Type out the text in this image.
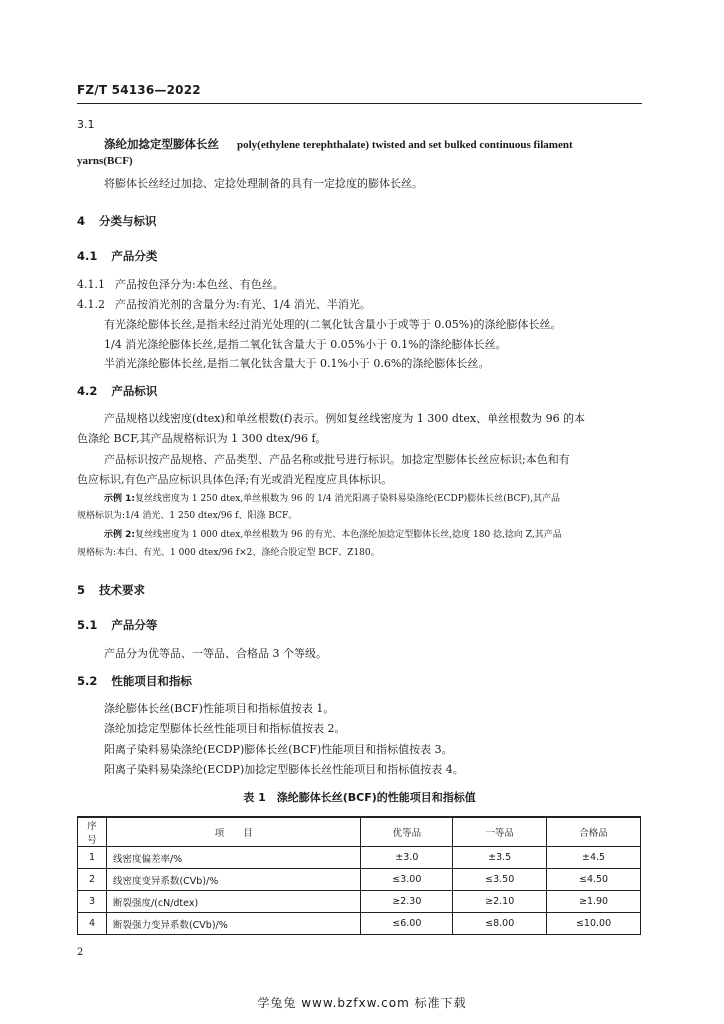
FZ/T 54136—2022
3.1
涤纶加捻定型膨体长丝 poly(ethylene terephthalate) twisted and set bulked continuous filament
yarns(BCF)
将膨体长丝经过加捻、定捻处理制备的具有一定捻度的膨体长丝。
4 分类与标识
4.1 产品分类
4.1.1 产品按色泽分为:本色丝、有色丝。
4.1.2 产品按消光剂的含量分为:有光、1/4 消光、半消光。
有光涤纶膨体长丝,是指未经过消光处理的(二氧化钛含量小于或等于 0.05%)的涤纶膨体长丝。
1/4 消光涤纶膨体长丝,是指二氧化钛含量大于 0.05%小于 0.1%的涤纶膨体长丝。
半消光涤纶膨体长丝,是指二氧化钛含量大于 0.1%小于 0.6%的涤纶膨体长丝。
4.2 产品标识
产品规格以线密度(dtex)和单丝根数(f)表示。例如复丝线密度为 1 300 dtex、单丝根数为 96 的本
色涤纶 BCF,其产品规格标识为 1 300 dtex/96 f。
产品标识按产品规格、产品类型、产品名称或批号进行标识。加捻定型膨体长丝应标识;本色和有
色应标识,有色产品应标识具体色泽;有光或消光程度应具体标识。
示例 1:复丝线密度为 1 250 dtex,单丝根数为 96 的 1/4 消光阳离子染料易染涤纶(ECDP)膨体长丝(BCF),其产品
规格标识为:1/4 消光、1 250 dtex/96 f、阳涤 BCF。
示例 2:复丝线密度为 1 000 dtex,单丝根数为 96 的有光、本色涤纶加捻定型膨体长丝,捻度 180 捻,捻向 Z,其产品
规格标为:本白、有光、1 000 dtex/96 f×2、涤纶合股定型 BCF、Z180。
5 技术要求
5.1 产品分等
产品分为优等品、一等品、合格品 3 个等级。
5.2 性能项目和指标
涤纶膨体长丝(BCF)性能项目和指标值按表 1。
涤纶加捻定型膨体长丝性能项目和指标值按表 2。
阳离子染料易染涤纶(ECDP)膨体长丝(BCF)性能项目和指标值按表 3。
阳离子染料易染涤纶(ECDP)加捻定型膨体长丝性能项目和指标值按表 4。
表 1　涤纶膨体长丝(BCF)的性能项目和指标值
序号	项　　目	优等品	一等品	合格品
1	线密度偏差率/%	±3.0	±3.5	±4.5
2	线密度变异系数(CVb)/%	≤3.00	≤3.50	≤4.50
3	断裂强度/(cN/dtex)	≥2.30	≥2.10	≥1.90
4	断裂强力变异系数(CVb)/%	≤6.00	≤8.00	≤10.00
2
学兔兔 www.bzfxw.com 标准下载
